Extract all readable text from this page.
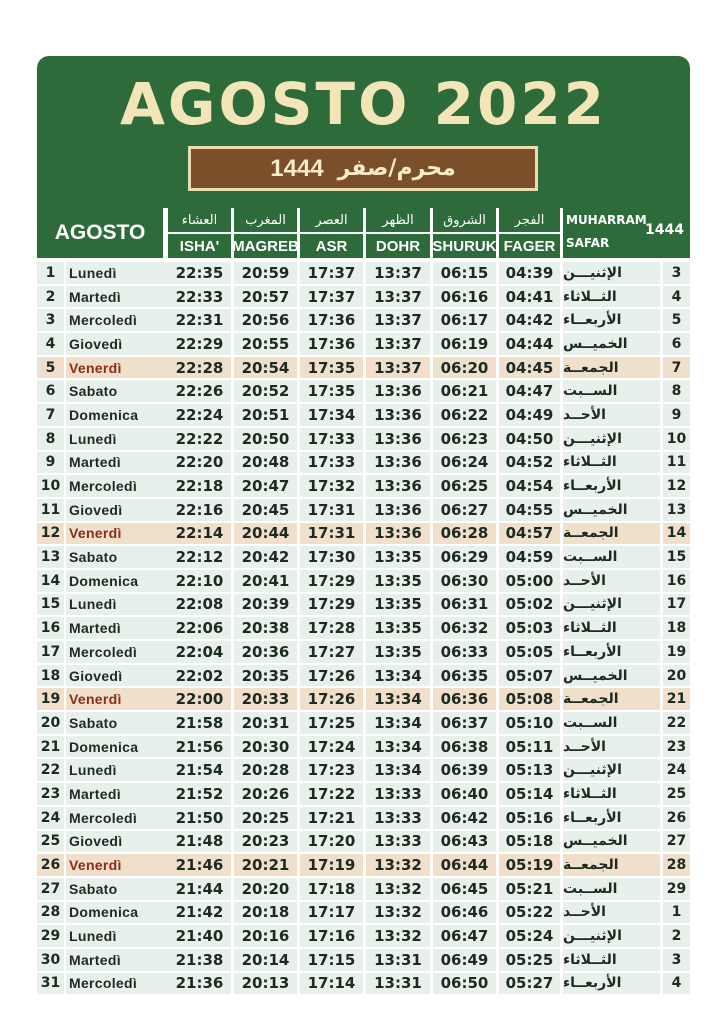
AGOSTO 2022
1444 محرم/صفر
AGOSTO
العشاء
ISHA'
المغرب
MAGREB
العصر
ASR
الظهر
DOHR
الشروق
SHURUK
الفجر
FAGER
MUHARRAM
SAFAR
1444
1 Lunedì	22:35	20:59	17:37	13:37	06:15	04:39 الإثنيـــن	3
2 Martedì	22:33	20:57	17:37	13:37	06:16	04:41 الثــلاثاء	4
3 Mercoledì	22:31	20:56	17:36	13:37	06:17	04:42 الأربعــاء	5
4 Giovedì	22:29	20:55	17:36	13:37	06:19	04:44 الخميــس	6
5 Venerdì	22:28	20:54	17:35	13:37	06:20	04:45 الجمعــة	7
6 Sabato	22:26	20:52	17:35	13:36	06:21	04:47 الســبت	8
7 Domenica	22:24	20:51	17:34	13:36	06:22	04:49 الأحــد	9
8 Lunedì	22:22	20:50	17:33	13:36	06:23	04:50 الإثنيـــن	10
9 Martedì	22:20	20:48	17:33	13:36	06:24	04:52 الثــلاثاء	11
10 Mercoledì	22:18	20:47	17:32	13:36	06:25	04:54 الأربعــاء	12
11 Giovedì	22:16	20:45	17:31	13:36	06:27	04:55 الخميــس	13
12 Venerdì	22:14	20:44	17:31	13:36	06:28	04:57 الجمعــة	14
13 Sabato	22:12	20:42	17:30	13:35	06:29	04:59 الســبت	15
14 Domenica	22:10	20:41	17:29	13:35	06:30	05:00 الأحــد	16
15 Lunedì	22:08	20:39	17:29	13:35	06:31	05:02 الإثنيـــن	17
16 Martedì	22:06	20:38	17:28	13:35	06:32	05:03 الثــلاثاء	18
17 Mercoledì	22:04	20:36	17:27	13:35	06:33	05:05 الأربعــاء	19
18 Giovedì	22:02	20:35	17:26	13:34	06:35	05:07 الخميــس	20
19 Venerdì	22:00	20:33	17:26	13:34	06:36	05:08 الجمعــة	21
20 Sabato	21:58	20:31	17:25	13:34	06:37	05:10 الســبت	22
21 Domenica	21:56	20:30	17:24	13:34	06:38	05:11 الأحــد	23
22 Lunedì	21:54	20:28	17:23	13:34	06:39	05:13 الإثنيـــن	24
23 Martedì	21:52	20:26	17:22	13:33	06:40	05:14 الثــلاثاء	25
24 Mercoledì	21:50	20:25	17:21	13:33	06:42	05:16 الأربعــاء	26
25 Giovedì	21:48	20:23	17:20	13:33	06:43	05:18 الخميــس	27
26 Venerdì	21:46	20:21	17:19	13:32	06:44	05:19 الجمعــة	28
27 Sabato	21:44	20:20	17:18	13:32	06:45	05:21 الســبت	29
28 Domenica	21:42	20:18	17:17	13:32	06:46	05:22 الأحــد	1
29 Lunedì	21:40	20:16	17:16	13:32	06:47	05:24 الإثنيـــن	2
30 Martedì	21:38	20:14	17:15	13:31	06:49	05:25 الثــلاثاء	3
31 Mercoledì	21:36	20:13	17:14	13:31	06:50	05:27 الأربعــاء	4
